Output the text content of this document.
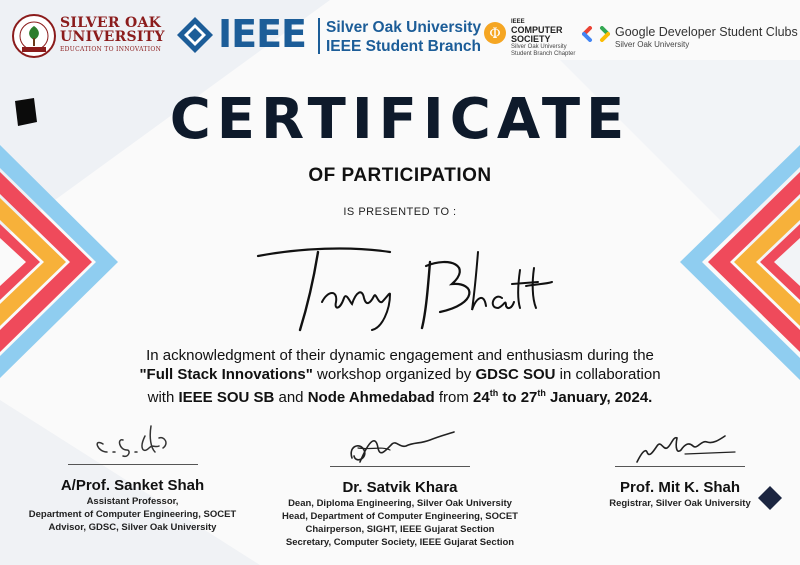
SILVER OAK
UNIVERSITY
EDUCATION TO INNOVATION IEEE Silver Oak University
IEEE Student Branch
Φ
IEEE
COMPUTER
SOCIETY
Silver Oak University
Student Branch Chapter
Google Developer Student Clubs
Silver Oak University
CERTIFICATE
OF PARTICIPATION
IS PRESENTED TO :
In acknowledgment of their dynamic engagement and enthusiasm during the
"Full Stack Innovations" workshop organized by GDSC SOU in collaboration
with IEEE SOU SB and Node Ahmedabad from 24th to 27th January, 2024.
A/Prof. Sanket Shah
Assistant Professor,
Department of Computer Engineering, SOCET
Advisor, GDSC, Silver Oak University
Dr. Satvik Khara
Dean, Diploma Engineering, Silver Oak University
Head, Department of Computer Engineering, SOCET
Chairperson, SIGHT, IEEE Gujarat Section
Secretary, Computer Society, IEEE Gujarat Section
Prof. Mit K. Shah
Registrar, Silver Oak University
